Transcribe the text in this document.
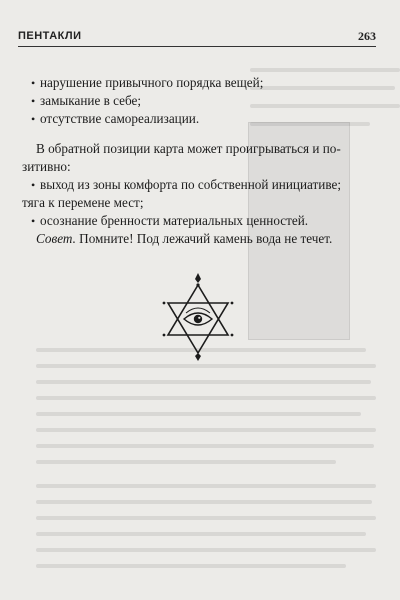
ПЕНТАКЛИ	263
• нарушение привычного порядка вещей;
• замыкание в себе;
• отсутствие самореализации.
В обратной позиции карта может проигрываться и по-
зитивно:
• выход из зоны комфорта по собственной инициативе;
тяга к перемене мест;
• осознание бренности материальных ценностей.
Совет. Помните! Под лежачий камень вода не течет.
